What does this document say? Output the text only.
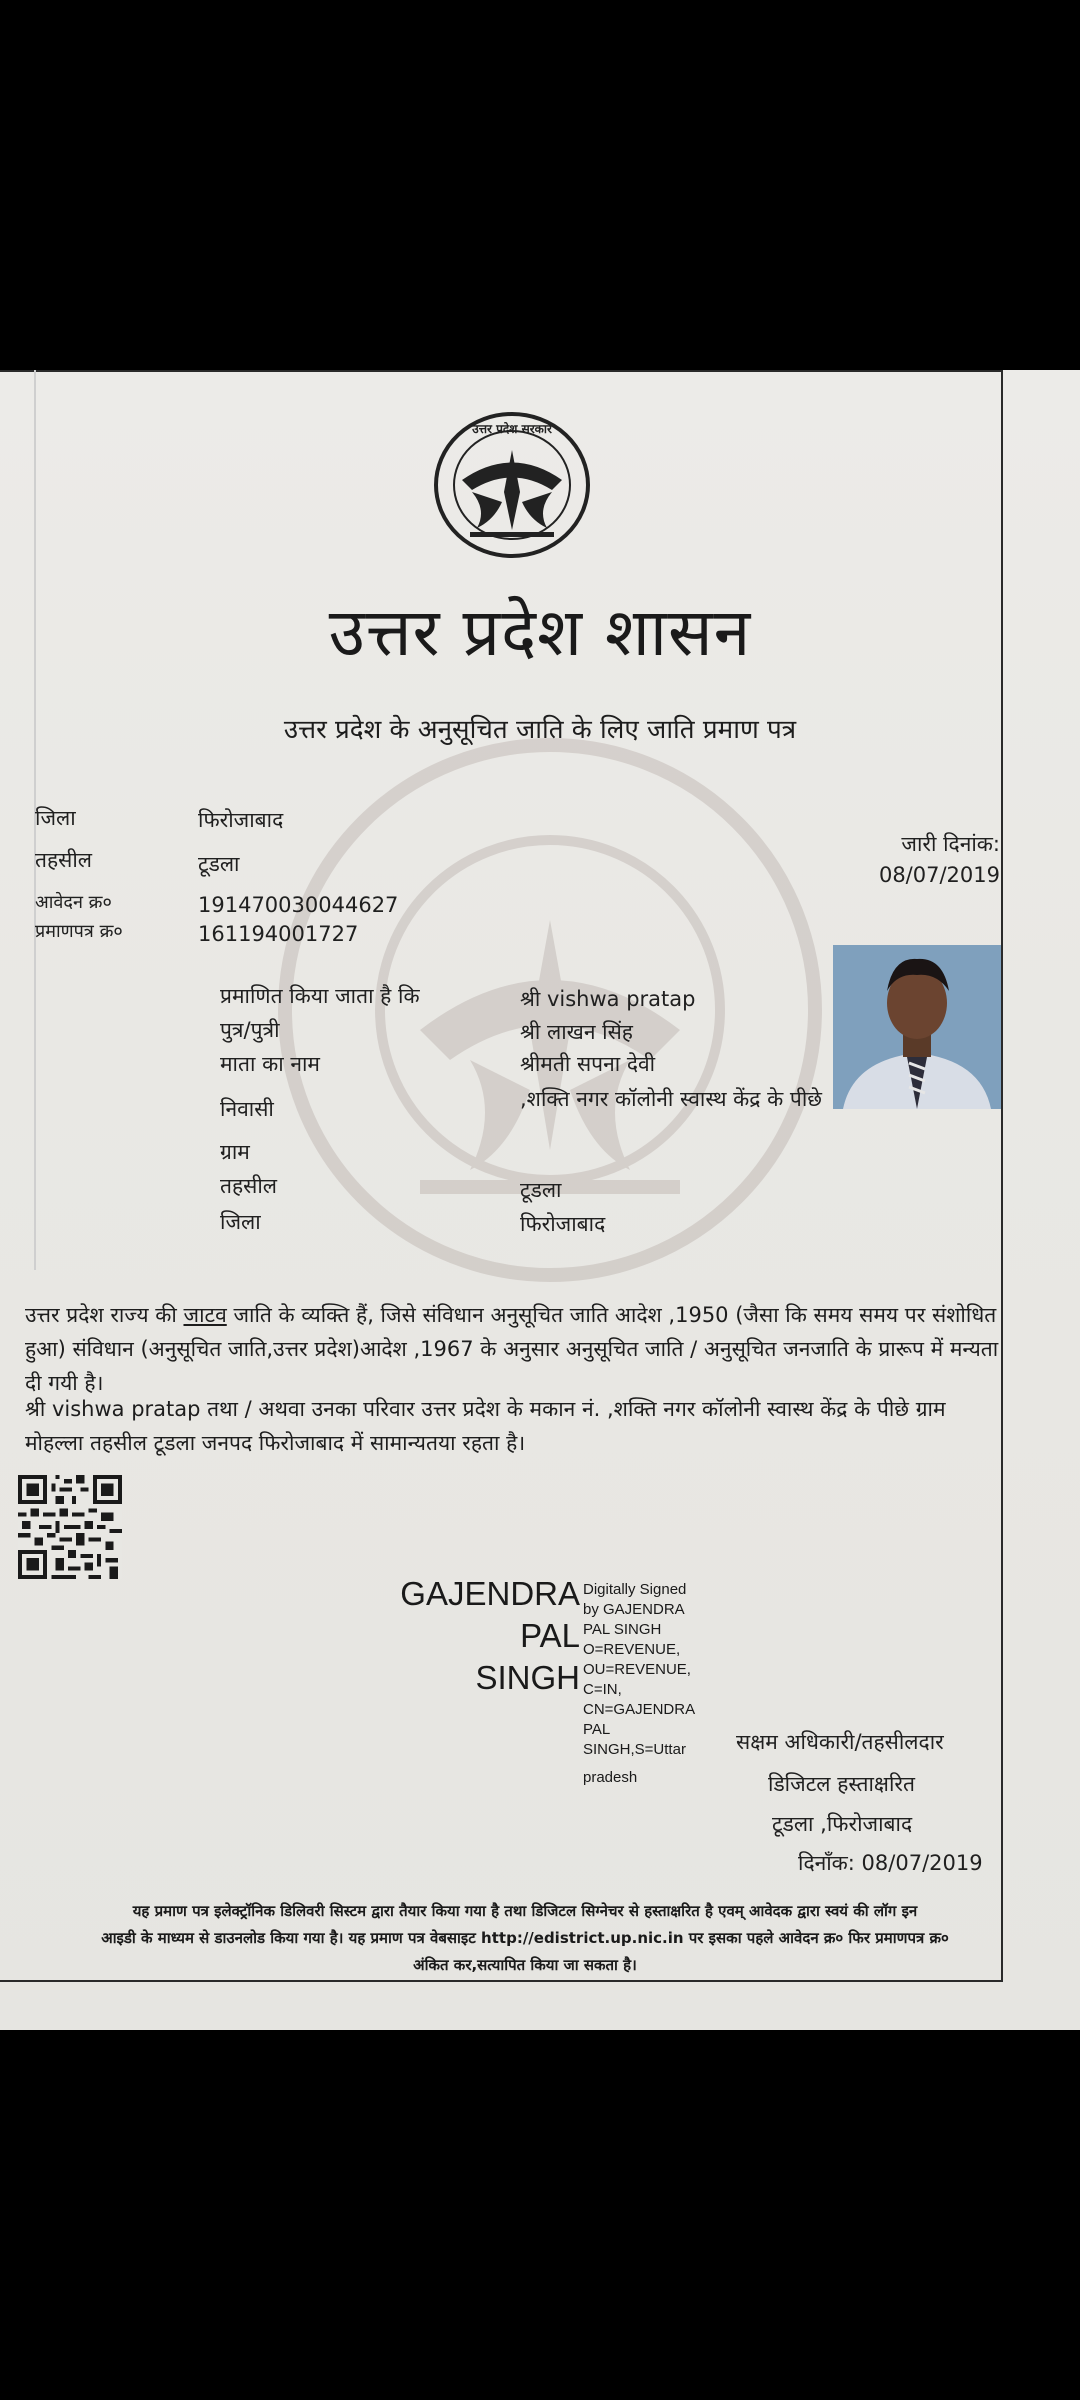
उत्तर प्रदेश सरकार
उत्तर प्रदेश शासन
उत्तर प्रदेश के अनुसूचित जाति के लिए जाति प्रमाण पत्र
जिला	फिरोजाबाद
तहसील	टूडला
आवेदन क्र०	19147003004​4627
प्रमाणपत्र क्र०	161194001727
जारी दिनांक:
08/07/2019
प्रमाणित किया जाता है कि	श्री vishwa pratap
पुत्र/पुत्री	श्री लाखन सिंह
माता का नाम	श्रीमती सपना देवी
निवासी	,शक्ति नगर कॉलोनी स्वास्थ केंद्र के पीछे
ग्राम
तहसील	टूडला
जिला	फिरोजाबाद
उत्तर प्रदेश राज्य की जाटव जाति के व्यक्ति हैं, जिसे संविधान अनुसूचित जाति आदेश ,1950 (जैसा कि समय समय पर संशोधित हुआ) संविधान (अनुसूचित जाति,उत्तर प्रदेश)आदेश ,1967 के अनुसार अनुसूचित जाति / अनुसूचित जनजाति के प्रारूप में मन्यता दी गयी है।
श्री vishwa pratap तथा / अथवा उनका परिवार उत्तर प्रदेश के मकान नं. ,शक्ति नगर कॉलोनी स्वास्थ केंद्र के पीछे ग्राम मोहल्ला तहसील टूडला जनपद फिरोजाबाद में सामान्यतया रहता है।
GAJENDRA
PAL
SINGH
Digitally Signed
by GAJENDRA
PAL SINGH
O=REVENUE,
OU=REVENUE,
C=IN,
CN=GAJENDRA
PAL
SINGH,S=Uttar
pradesh
सक्षम अधिकारी/तहसीलदार
डिजिटल हस्ताक्षरित
टूडला ,फिरोजाबाद
दिनाँक: 08/07/2019
यह प्रमाण पत्र इलेक्ट्रॉनिक डिलिवरी सिस्टम द्वारा तैयार किया गया है तथा डिजिटल सिग्नेचर से हस्ताक्षरित है एवम् आवेदक द्वारा स्वयं की लॉग इन
आइडी के माध्यम से डाउनलोड किया गया है। यह प्रमाण पत्र वेबसाइट http://edistrict.up.nic.in पर इसका पहले आवेदन क्र० फिर प्रमाणपत्र क्र०
अंकित कर,सत्यापित किया जा सकता है।
